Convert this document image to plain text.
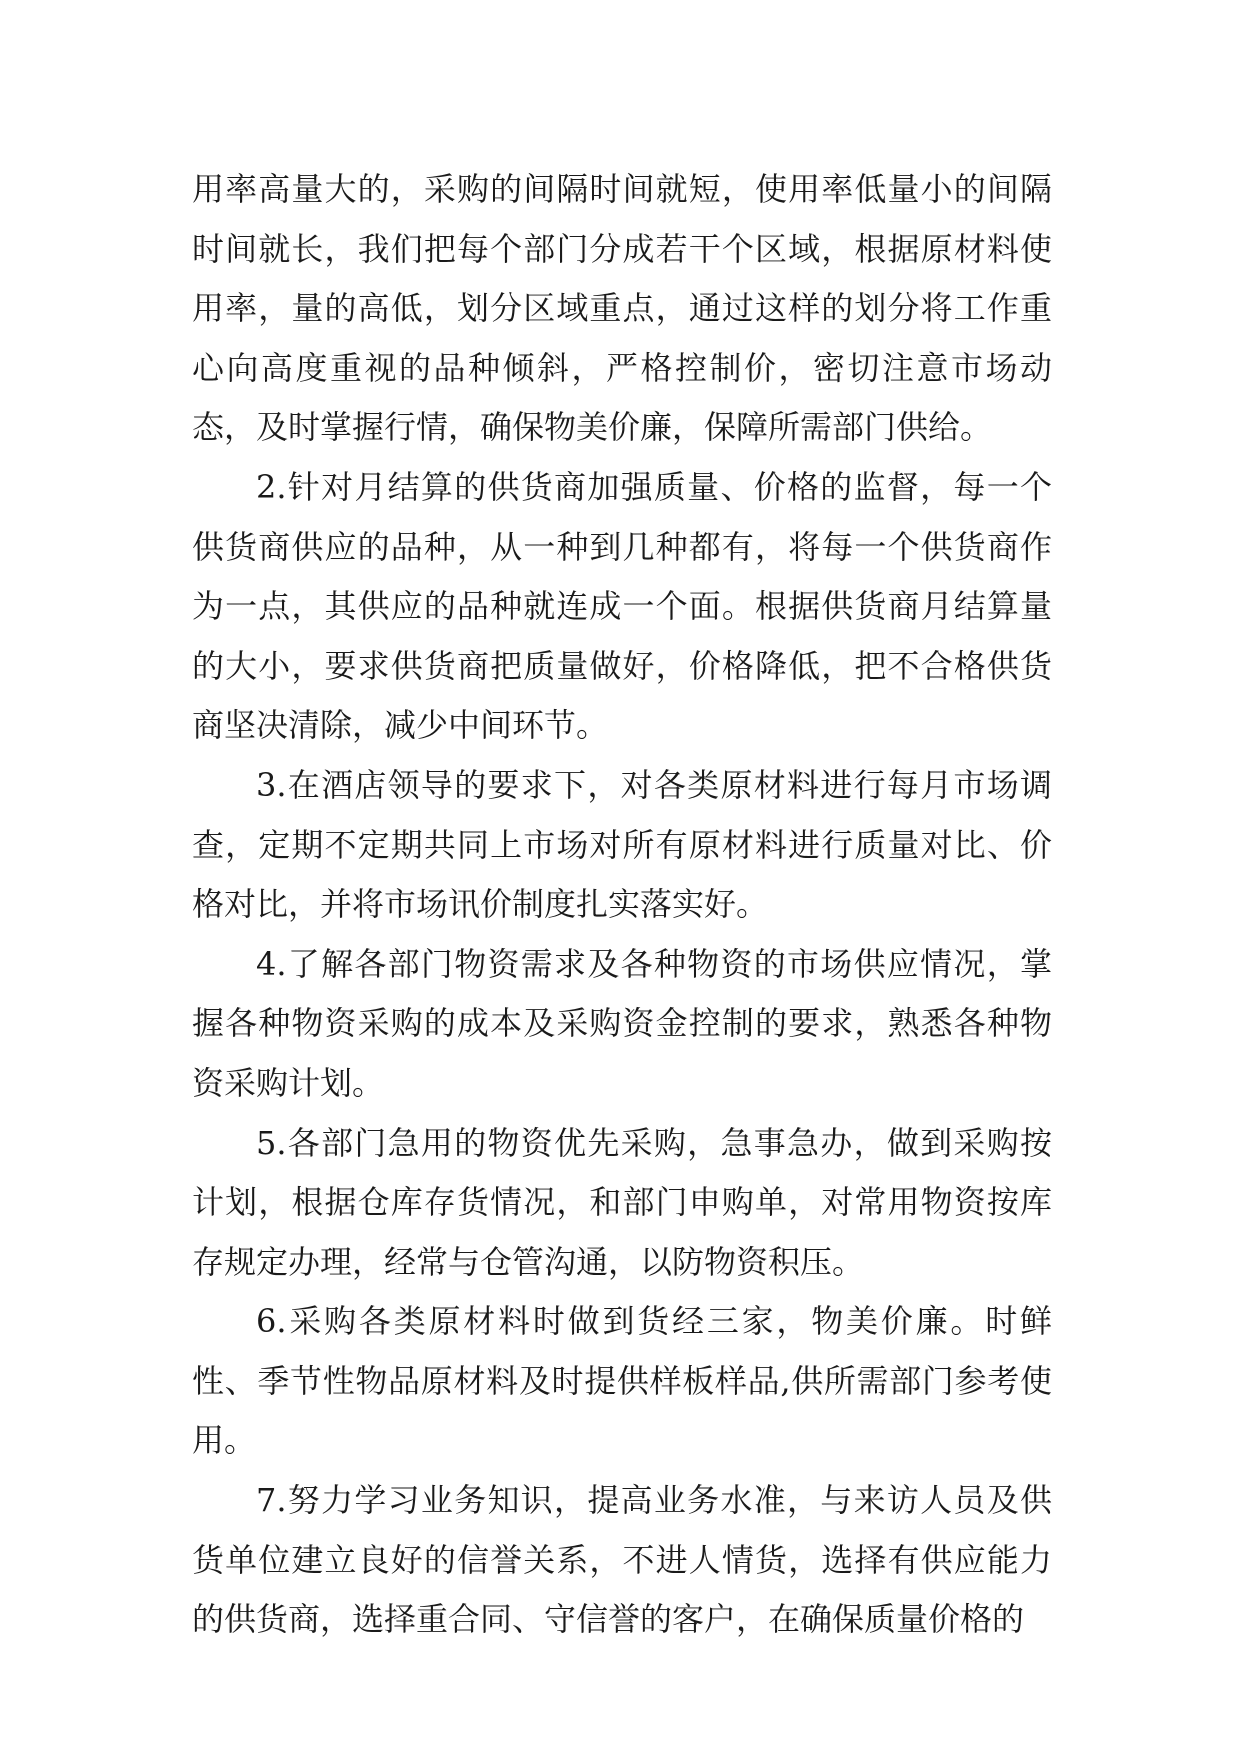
用率高量大的，采购的间隔时间就短，使用率低量小的间隔时间就长，我们把每个部门分成若干个区域，根据原材料使用率，量的高低，划分区域重点，通过这样的划分将工作重心向高度重视的品种倾斜，严格控制价，密切注意市场动态，及时掌握行情，确保物美价廉，保障所需部门供给。

2.针对月结算的供货商加强质量、价格的监督，每一个供货商供应的品种，从一种到几种都有，将每一个供货商作为一点，其供应的品种就连成一个面。根据供货商月结算量的大小，要求供货商把质量做好，价格降低，把不合格供货商坚决清除，减少中间环节。

3.在酒店领导的要求下，对各类原材料进行每月市场调查，定期不定期共同上市场对所有原材料进行质量对比、价格对比，并将市场讯价制度扎实落实好。

4.了解各部门物资需求及各种物资的市场供应情况，掌握各种物资采购的成本及采购资金控制的要求，熟悉各种物资采购计划。

5.各部门急用的物资优先采购，急事急办，做到采购按计划，根据仓库存货情况，和部门申购单，对常用物资按库存规定办理，经常与仓管沟通，以防物资积压。

6.采购各类原材料时做到货经三家，物美价廉。时鲜性、季节性物品原材料及时提供样板样品,供所需部门参考使用。

7.努力学习业务知识，提高业务水准，与来访人员及供货单位建立良好的信誉关系，不进人情货，选择有供应能力的供货商，选择重合同、守信誉的客户，在确保质量价格的
